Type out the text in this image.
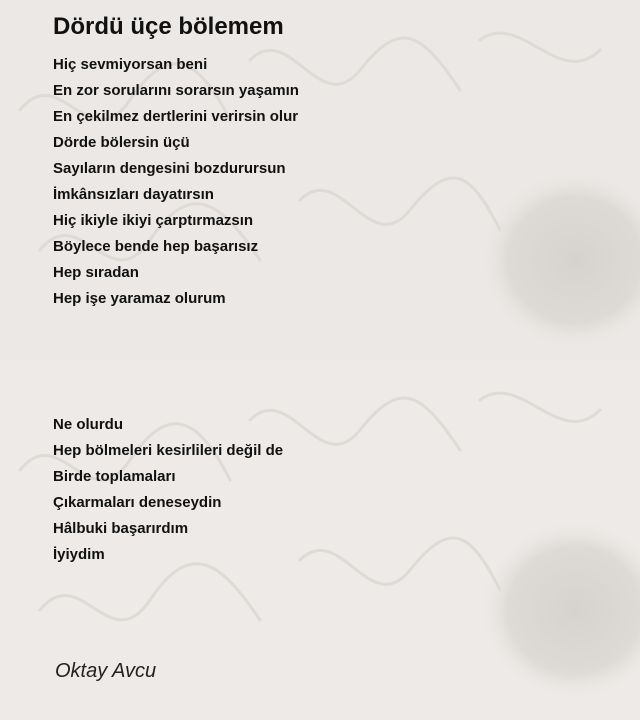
Dördü üçe bölemem
Hiç sevmiyorsan beni
En zor sorularını sorarsın yaşamın
En çekilmez dertlerini verirsin olur
Dörde bölersin üçü
Sayıların dengesini bozdurursun
İmkânsızları dayatırsın
Hiç ikiyle ikiyi çarptırmazsın
Böylece bende hep başarısız
Hep sıradan
Hep işe yaramaz olurum
Ne olurdu
Hep bölmeleri kesirlileri değil de
Birde toplamaları
Çıkarmaları deneseydin
Hâlbuki başarırdım
İyiydim

Oktay Avcu
